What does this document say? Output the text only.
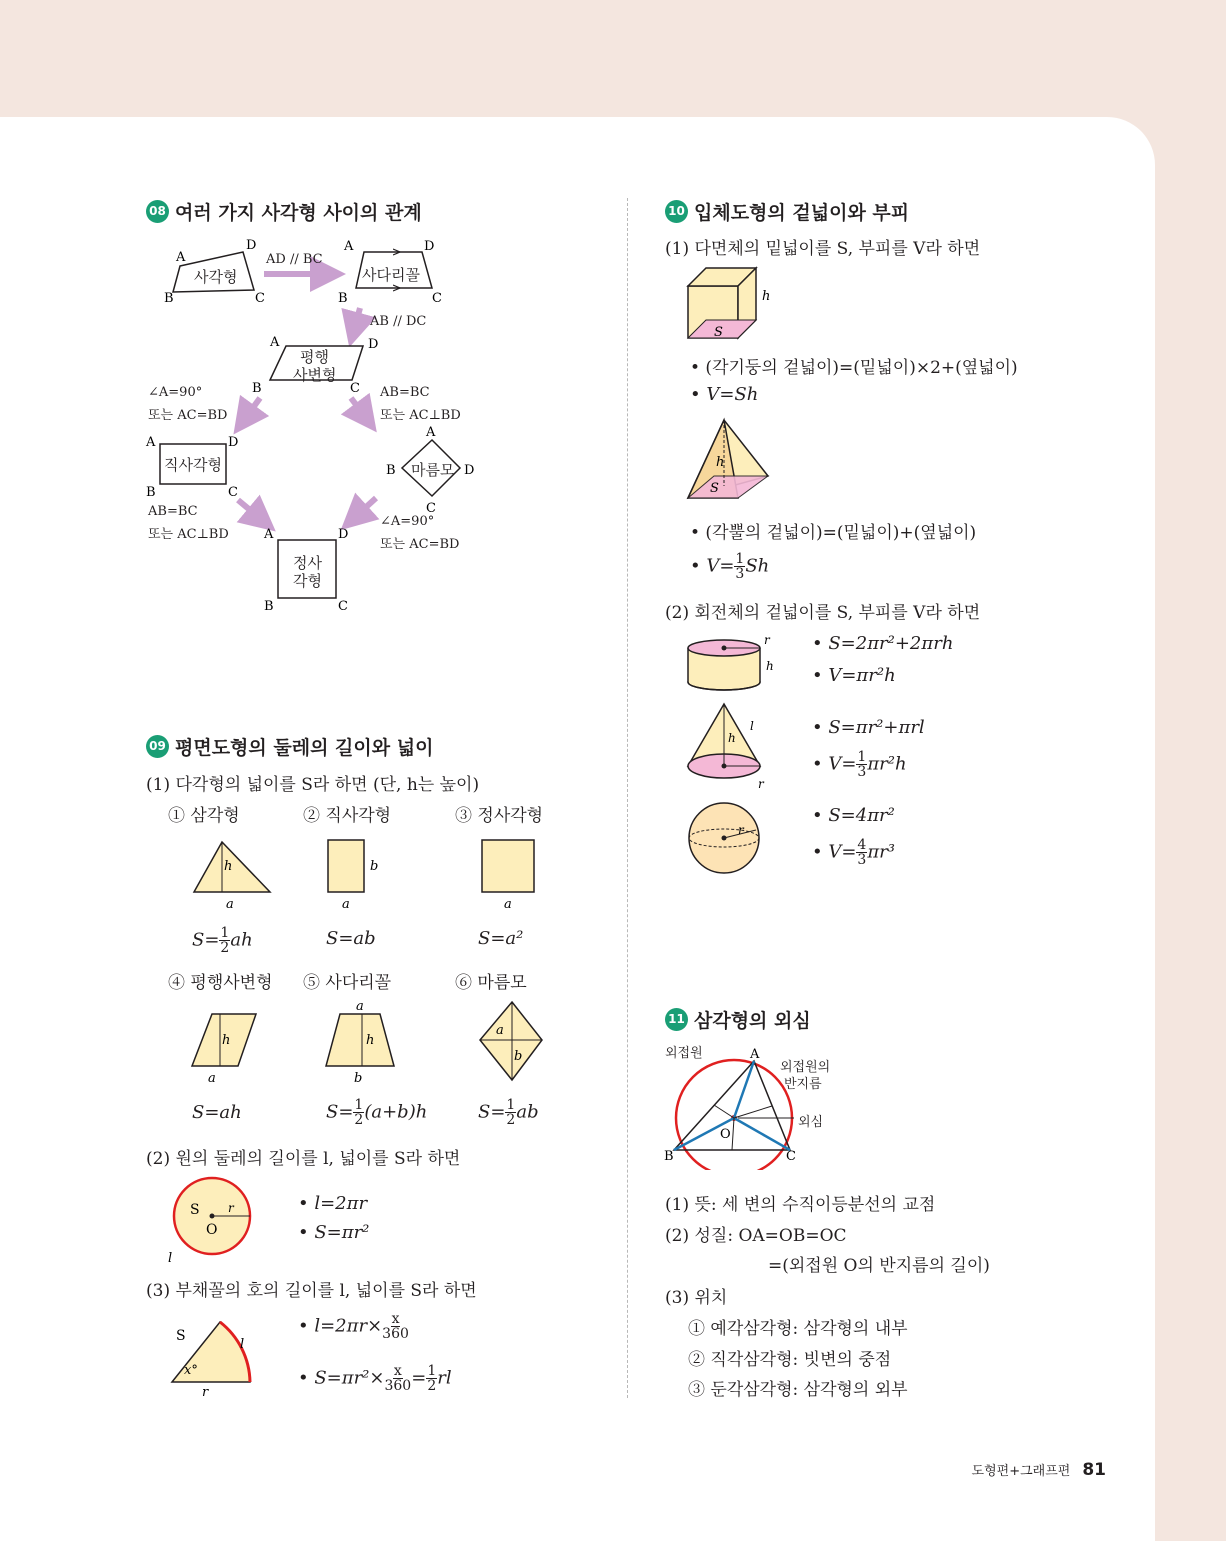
08 여러 가지 사각형 사이의 관계
A
D
B	C
A	D
B	C
A	D
B	C
A	D
B	C
A
D
B
C
A	D
B	C
사각형	사다리꼴
평행
사변형
직사각형	마름모
정사
각형
AD // BC
AB // DC
∠A=90°
또는 AC=BD
AB=BC
또는 AC⊥BD
AB=BC
또는 AC⊥BD
∠A=90°
또는 AC=BD
09 평면도형의 둘레의 길이와 넓이
(1) 다각형의 넓이를 S라 하면 (단, h는 높이)
① 삼각형	② 직사각형	③ 정사각형
h
a
b
a	a
$S= \frac{1}{2}$ ah	S=ab	S=a²
④ 평행사변형 ⑤ 사다리꼴	⑥ 마름모
h
a
h
a
b
a
b
S=ah	$S= \frac{1}{2} (a+b)h$	$S= \frac{1}{2}$ ab
(2) 원의 둘레의 길이를 l, 넓이를 S라 하면
S
O
r
l
• l=2πr
• S=πr²
(3) 부채꼴의 호의 길이를 l, 넓이를 S라 하면
S
x°
l
r
• $l=2\pi r\times \frac{x}{360}$
• $S=\pi r^2\times \frac{x}{360} = \frac{1}{2}$ rl
10 입체도형의 겉넓이와 부피
(1) 다면체의 밑넓이를 S, 부피를 V라 하면
S
h
• (각기둥의 겉넓이)=(밑넓이)×2+(옆넓이)
• V=Sh
S
h
• (각뿔의 겉넓이)=(밑넓이)+(옆넓이)
• $V= \frac{1}{3}$ Sh
(2) 회전체의 겉넓이를 S, 부피를 V라 하면
r
h
• S=2πr²+2πrh
• V=πr²h
h
l
r
• S=πr²+πrl
• $V= \frac{1}{3} \pi r^2h$
r
• S=4πr²
• $V= \frac{4}{3} \pi r^3$
11 삼각형의 외심
A
B	C
O
외접원
외접원의
반지름
외심
(1) 뜻: 세 변의 수직이등분선의 교점
(2) 성질: OA=OB=OC
=(외접원 O의 반지름의 길이)
(3) 위치
① 예각삼각형: 삼각형의 내부
② 직각삼각형: 빗변의 중점
③ 둔각삼각형: 삼각형의 외부
도형편+그래프편 81
